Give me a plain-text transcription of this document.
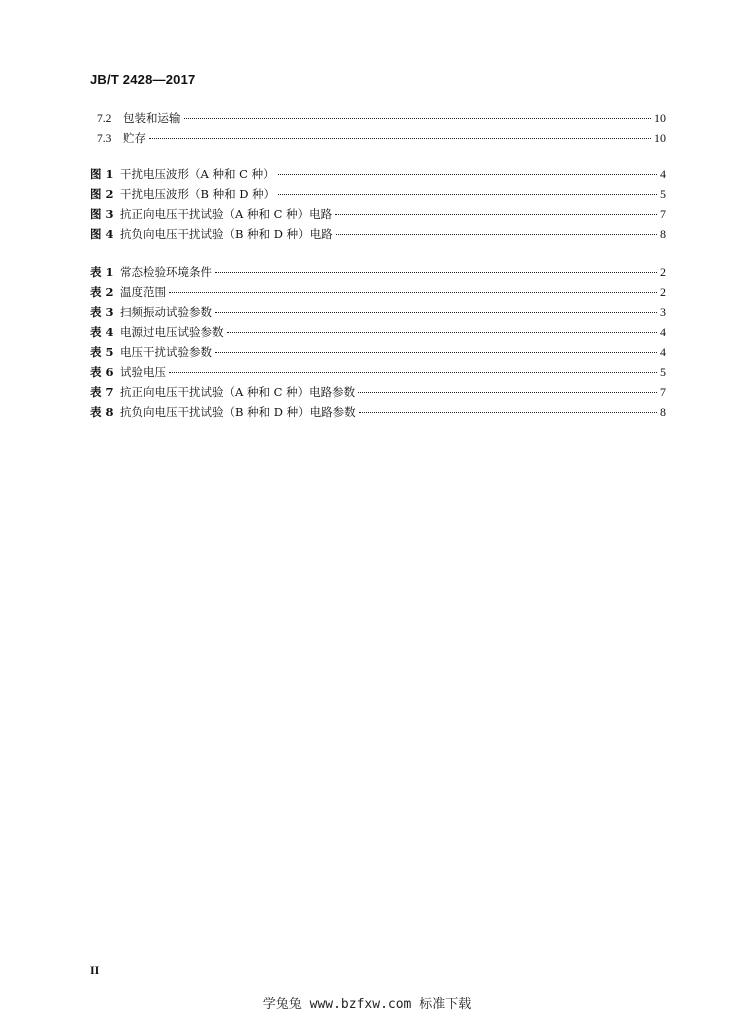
JB/T 2428—2017
7.2	包装和运输	10
7.3	贮存	10
图 1 干扰电压波形（A 种和 C 种）	4
图 2 干扰电压波形（B 种和 D 种）	5
图 3 抗正向电压干扰试验（A 种和 C 种）电路	7
图 4 抗负向电压干扰试验（B 种和 D 种）电路	8
表 1 常态检验环境条件	2
表 2 温度范围	2
表 3 扫频振动试验参数	3
表 4 电源过电压试验参数	4
表 5 电压干扰试验参数	4
表 6 试验电压	5
表 7 抗正向电压干扰试验（A 种和 C 种）电路参数	7
表 8 抗负向电压干扰试验（B 种和 D 种）电路参数	8
II
学兔兔 www.bzfxw.com 标准下载
